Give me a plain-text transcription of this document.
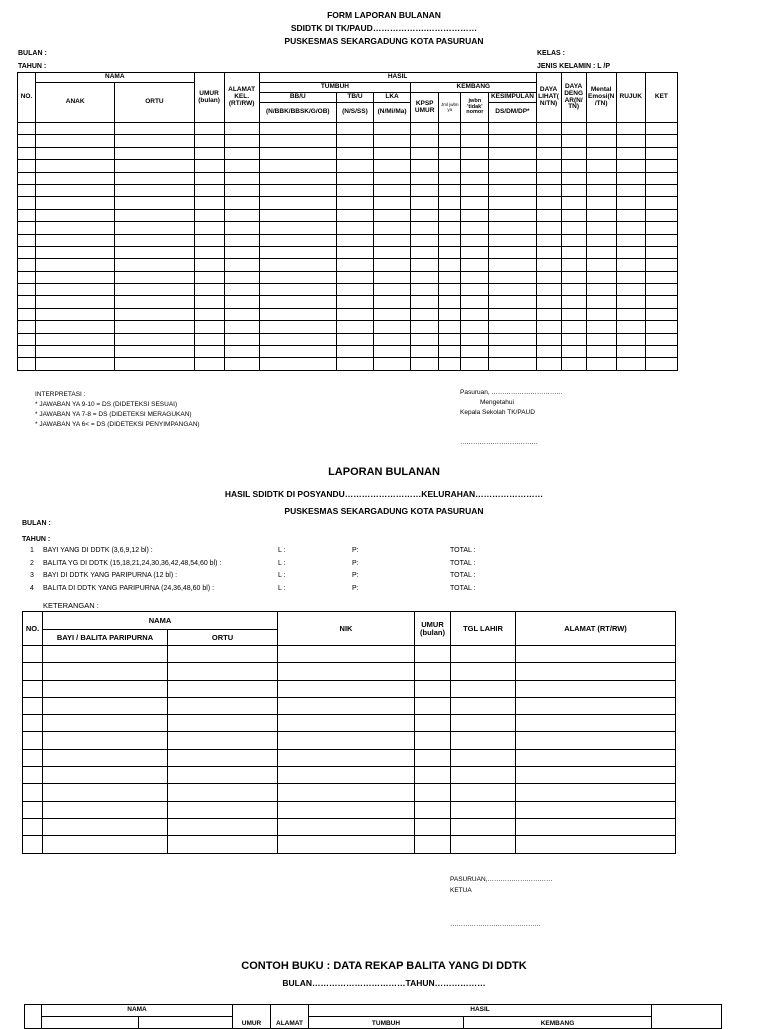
FORM LAPORAN BULANAN
SDIDTK DI TK/PAUD……………….………………
PUSKESMAS SEKARGADUNG KOTA PASURUAN
BULAN :
TAHUN :
KELAS :
JENIS KELAMIN : L /P
NO.	NAMA		UMUR (bulan)	ALAMAT KEL.(RT/RW)	HASIL							DAYA LIHAT( N/TN)	DAYA DENG AR(N/ TN)	Mental Emosi(N /TN)	RUJUK	KET
	ANAK	ORTU			TUMBUH			KEMBANG								
					BB/U	TB/U	LKA	KPSP UMUR	Jml jwbn ya	jwbn 'tidak' nomor	KESIMPULAN					
					(N/BBK/BBSK/G/OB)	(N/S/SS)	(N/Mi/Ma)				DS/DM/DP*					

INTERPRETASI :
* JAWABAN YA 9-10 = DS (DIDETEKSI SESUAI)
* JAWABAN YA 7-8 = DS (DIDETEKSI MERAGUKAN)
* JAWABAN YA 6< = DS (DIDETEKSI PENYIMPANGAN)
Pasuruan, ……………………………
Mengetahui
Kepala Sekolah TK/PAUD
………………………………
LAPORAN BULANAN
HASIL SDIDTK DI POSYANDU………………………KELURAHAN……………………
PUSKESMAS SEKARGADUNG KOTA PASURUAN
BULAN :
TAHUN :
1 BAYI YANG DI DDTK (3,6,9,12 bl) :	L :	P:	TOTAL :
2 BALITA YG DI DDTK (15,18,21,24,30,36,42,48,54,60 bl) :	L :	P:	TOTAL :
3 BAYI DI DDTK YANG PARIPURNA (12 bl) :	L :	P:	TOTAL :
4 BALITA DI DDTK YANG PARIPURNA (24,36,48,60 bl) :	L :	P:	TOTAL :
KETERANGAN :
NO.	NAMA		NIK	UMUR (bulan)	TGL LAHIR	ALAMAT (RT/RW)
	BAYI / BALITA PARIPURNA	ORTU				

PASURUAN,…………………………
KETUA
……………………………………
CONTOH BUKU : DATA REKAP BALITA YANG DI DDTK
BULAN……………………………TAHUN………………
	NAMA		UMUR	ALAMAT	HASIL		
					TUMBUH	KEMBANG	
